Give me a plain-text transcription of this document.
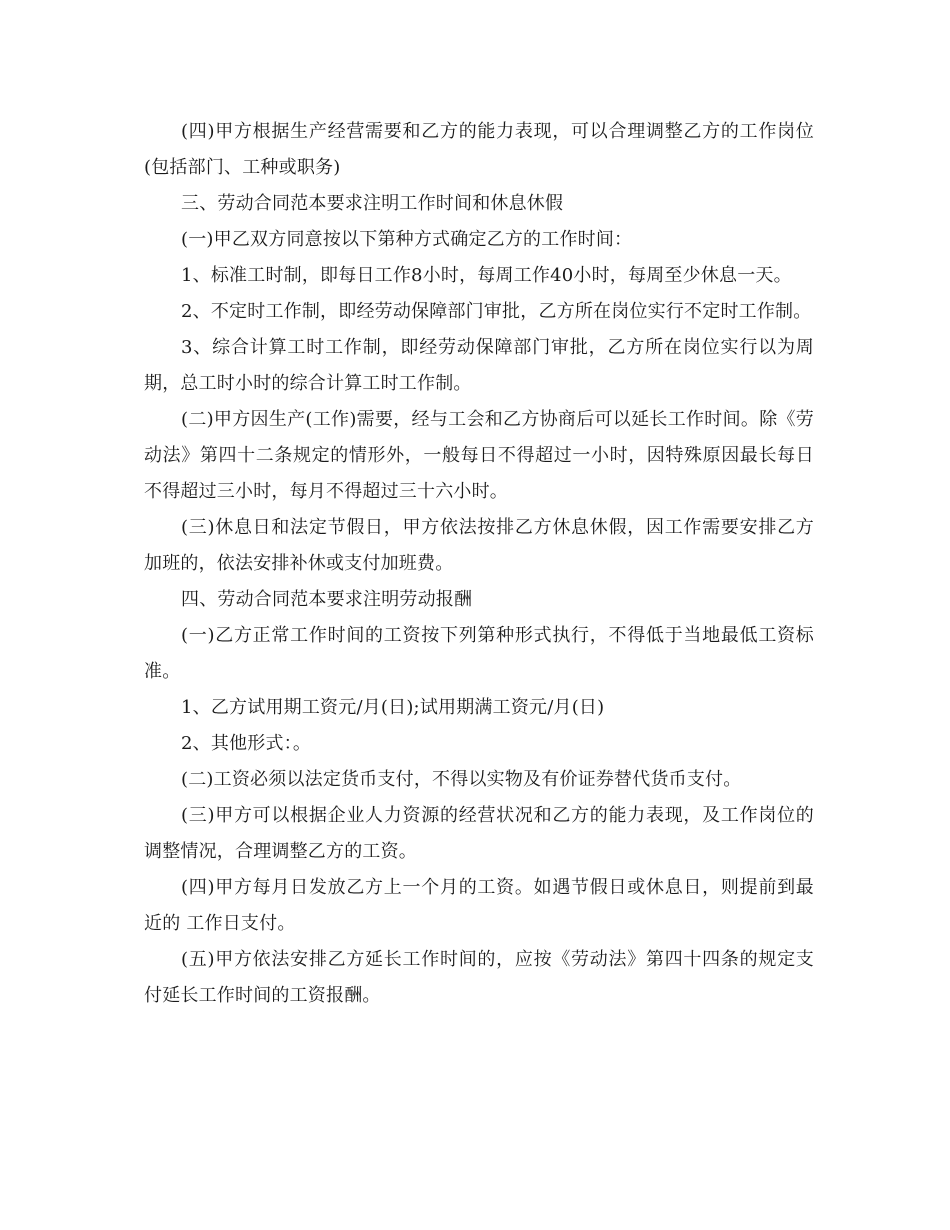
(四)甲方根据生产经营需要和乙方的能力表现，可以合理调整乙方的工作岗位(包括部门、工种或职务)

三、劳动合同范本要求注明工作时间和休息休假

(一)甲乙双方同意按以下第种方式确定乙方的工作时间：

1、标准工时制，即每日工作8小时，每周工作40小时，每周至少休息一天。

2、不定时工作制，即经劳动保障部门审批，乙方所在岗位实行不定时工作制。

3、综合计算工时工作制，即经劳动保障部门审批，乙方所在岗位实行以为周期，总工时小时的综合计算工时工作制。

(二)甲方因生产(工作)需要，经与工会和乙方协商后可以延长工作时间。除《劳动法》第四十二条规定的情形外，一般每日不得超过一小时，因特殊原因最长每日不得超过三小时，每月不得超过三十六小时。

(三)休息日和法定节假日，甲方依法按排乙方休息休假，因工作需要安排乙方加班的，依法安排补休或支付加班费。

四、劳动合同范本要求注明劳动报酬

(一)乙方正常工作时间的工资按下列第种形式执行，不得低于当地最低工资标准。

1、乙方试用期工资元/月(日);试用期满工资元/月(日)

2、其他形式：。

(二)工资必须以法定货币支付，不得以实物及有价证券替代货币支付。

(三)甲方可以根据企业人力资源的经营状况和乙方的能力表现，及工作岗位的调整情况，合理调整乙方的工资。

(四)甲方每月日发放乙方上一个月的工资。如遇节假日或休息日，则提前到最近的 工作日支付。

(五)甲方依法安排乙方延长工作时间的，应按《劳动法》第四十四条的规定支付延长工作时间的工资报酬。
